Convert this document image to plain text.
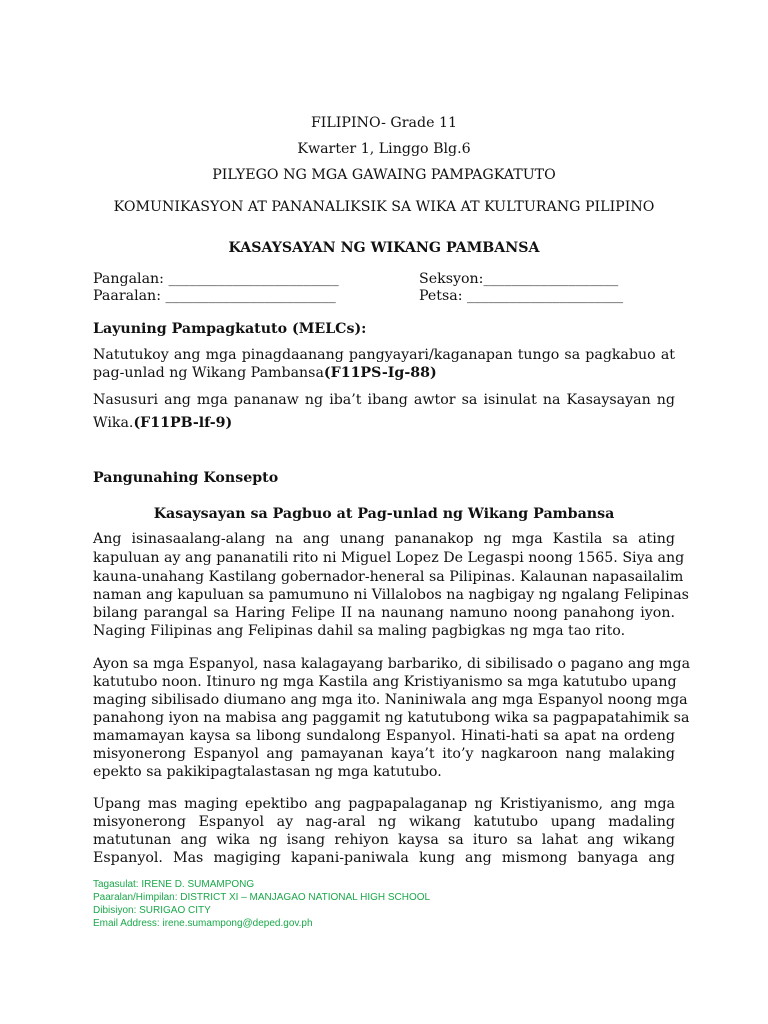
FILIPINO- Grade 11
Kwarter 1, Linggo Blg.6
PILYEGO NG MGA GAWAING PAMPAGKATUTO
KOMUNIKASYON AT PANANALIKSIK SA WIKA AT KULTURANG PILIPINO
KASAYSAYAN NG WIKANG PAMBANSA
Pangalan: ________________________	Seksyon:___________________
Paaralan: ________________________	Petsa: ______________________
Layuning Pampagkatuto (MELCs):
Natutukoy ang mga pinagdaanang pangyayari/kaganapan tungo sa pagkabuo at
pag-unlad ng Wikang Pambansa(F11PS-Ig-88)
Nasusuri ang mga pananaw ng iba’t ibang awtor sa isinulat na Kasaysayan ng
Wika.(F11PB-lf-9)
Pangunahing Konsepto
Kasaysayan sa Pagbuo at Pag-unlad ng Wikang Pambansa
Ang isinasaalang-alang na ang unang pananakop ng mga Kastila sa ating
kapuluan ay ang pananatili rito ni Miguel Lopez De Legaspi noong 1565. Siya ang
kauna-unahang Kastilang gobernador-heneral sa Pilipinas. Kalaunan napasailalim
naman ang kapuluan sa pamumuno ni Villalobos na nagbigay ng ngalang Felipinas
bilang parangal sa Haring Felipe II na naunang namuno noong panahong iyon.
Naging Filipinas ang Felipinas dahil sa maling pagbigkas ng mga tao rito.
Ayon sa mga Espanyol, nasa kalagayang barbariko, di sibilisado o pagano ang mga
katutubo noon. Itinuro ng mga Kastila ang Kristiyanismo sa mga katutubo upang
maging sibilisado diumano ang mga ito. Naniniwala ang mga Espanyol noong mga
panahong iyon na mabisa ang paggamit ng katutubong wika sa pagpapatahimik sa
mamamayan kaysa sa libong sundalong Espanyol. Hinati-hati sa apat na ordeng
misyonerong Espanyol ang pamayanan kaya’t ito’y nagkaroon nang malaking
epekto sa pakikipagtalastasan ng mga katutubo.
Upang mas maging epektibo ang pagpapalaganap ng Kristiyanismo, ang mga
misyonerong Espanyol ay nag-aral ng wikang katutubo upang madaling
matutunan ang wika ng isang rehiyon kaysa sa ituro sa lahat ang wikang
Espanyol. Mas magiging kapani-paniwala kung ang mismong banyaga ang
Tagasulat: IRENE D. SUMAMPONG
Paaralan/Himpilan: DISTRICT XI – MANJAGAO NATIONAL HIGH SCHOOL
Dibisiyon: SURIGAO CITY
Email Address: irene.sumampong@deped.gov.ph
